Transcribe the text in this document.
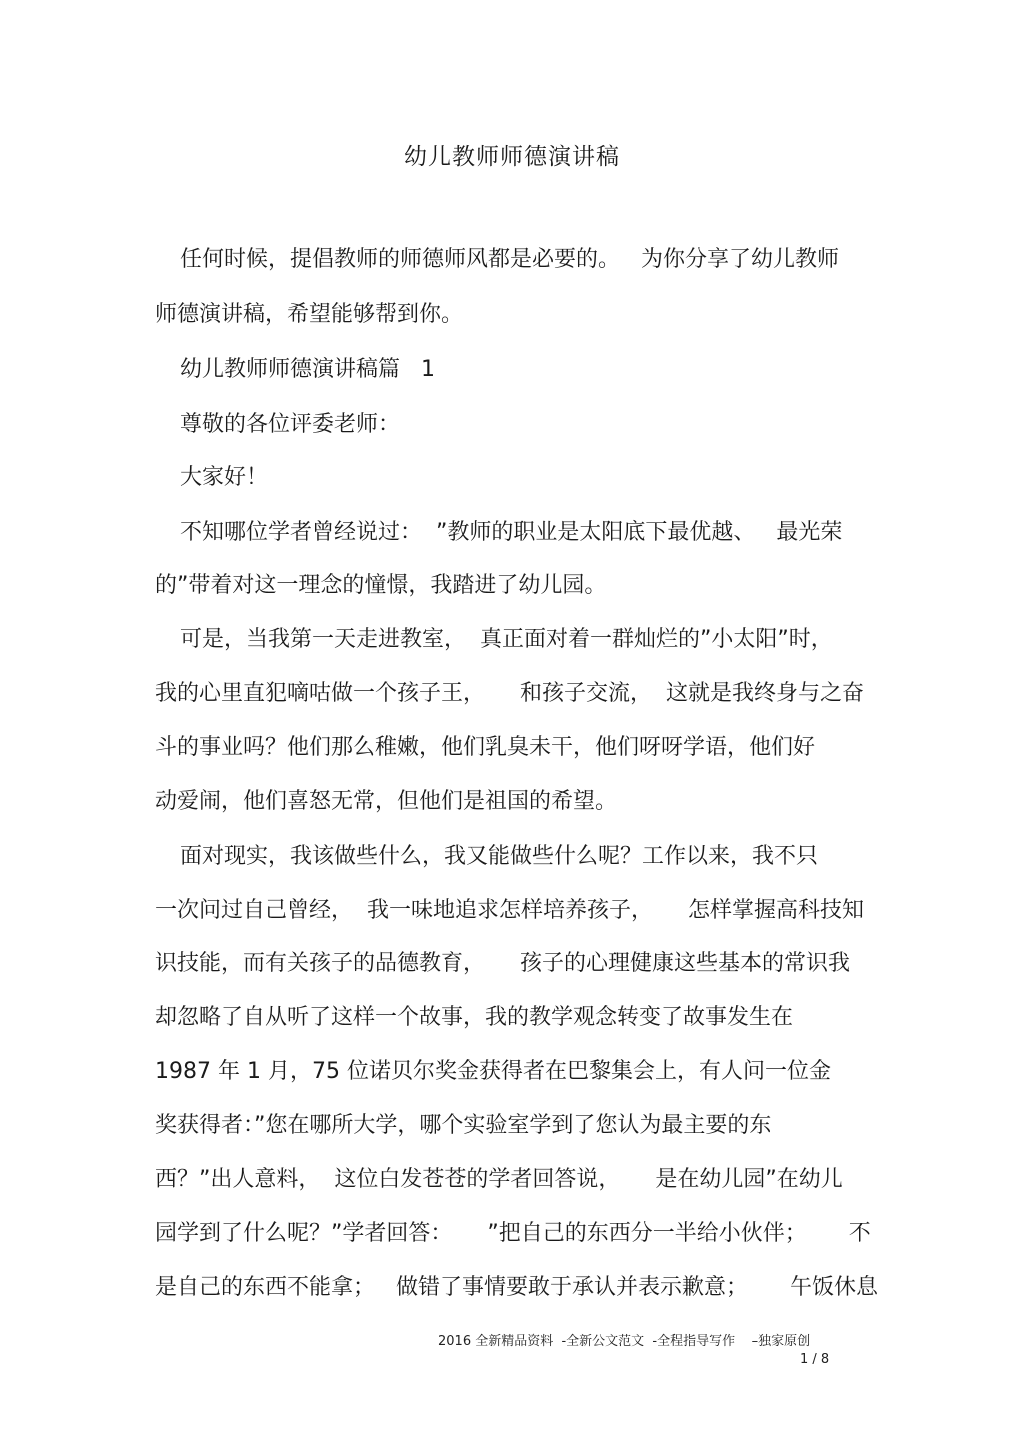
幼儿教师师德演讲稿
任何时候，提倡教师的师德师风都是必要的。   为你分享了幼儿教师
师德演讲稿，希望能够帮到你。
幼儿教师师德演讲稿篇   1
尊敬的各位评委老师：
大家好！
不知哪位学者曾经说过：  ”教师的职业是太阳底下最优越、   最光荣
的”带着对这一理念的憧憬，我踏进了幼儿园。
可是，当我第一天走进教室，  真正面对着一群灿烂的”小太阳”时，
我的心里直犯嘀咕做一个孩子王，     和孩子交流，  这就是我终身与之奋
斗的事业吗？他们那么稚嫩，他们乳臭未干，他们呀呀学语，他们好
动爱闹，他们喜怒无常，但他们是祖国的希望。
面对现实，我该做些什么，我又能做些什么呢？工作以来，我不只
一次问过自己曾经，  我一味地追求怎样培养孩子，     怎样掌握高科技知
识技能，而有关孩子的品德教育，     孩子的心理健康这些基本的常识我
却忽略了自从听了这样一个故事，我的教学观念转变了故事发生在
1987 年 1 月，75 位诺贝尔奖金获得者在巴黎集会上，有人问一位金
奖获得者：”您在哪所大学，哪个实验室学到了您认为最主要的东
西？”出人意料，  这位白发苍苍的学者回答说，     是在幼儿园”在幼儿
园学到了什么呢？”学者回答：     ”把自己的东西分一半给小伙伴；      不
是自己的东西不能拿；   做错了事情要敢于承认并表示歉意；      午饭休息
2016 全新精品资料  -全新公文范文  -全程指导写作    –独家原创
1 / 8
